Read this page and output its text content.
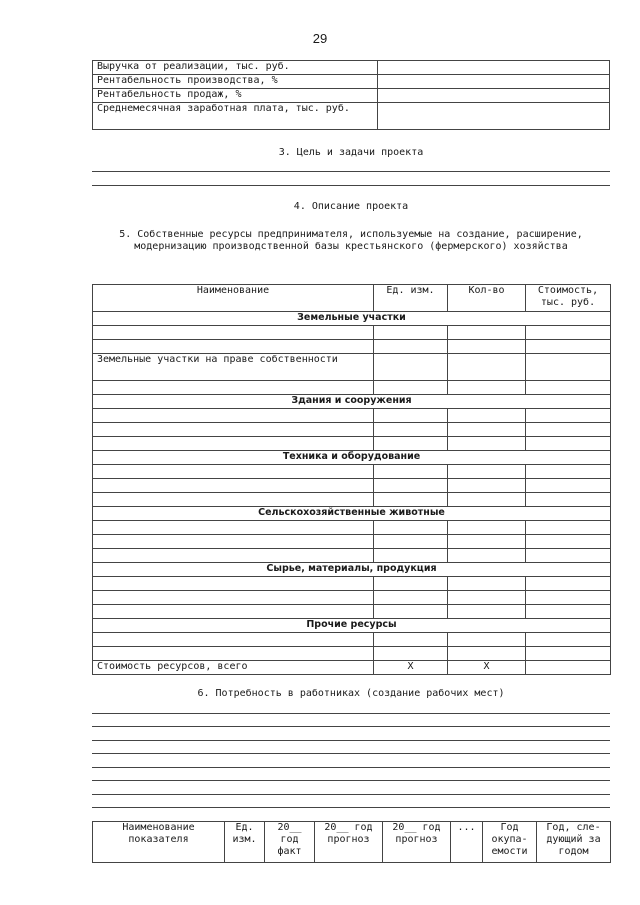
29
Выручка от реализации, тыс. руб.	
Рентабельность производства, %	
Рентабельность продаж, %	
Среднемесячная заработная плата, тыс. руб.	
3. Цель и задачи проекта
4. Описание проекта
5. Собственные ресурсы предпринимателя, используемые на создание, расширение, модернизацию производственной базы крестьянского (фермерского) хозяйства
Наименование	Ед. изм.	Кол-во	Стоимость, тыс. руб.
Земельные участки			

Земельные участки на праве собственности			

Здания и сооружения			

Техника и оборудование			

Сельскохозяйственные животные			

Сырье, материалы, продукция			

Прочие ресурсы			

Стоимость ресурсов, всего	X	X	
6. Потребность в работниках (создание рабочих мест)
Наименование показателя	Ед. изм.	20__ год факт	20__ год прогноз	20__ год прогноз	...	Год окупа-емости	Год, сле-дующий за годом
